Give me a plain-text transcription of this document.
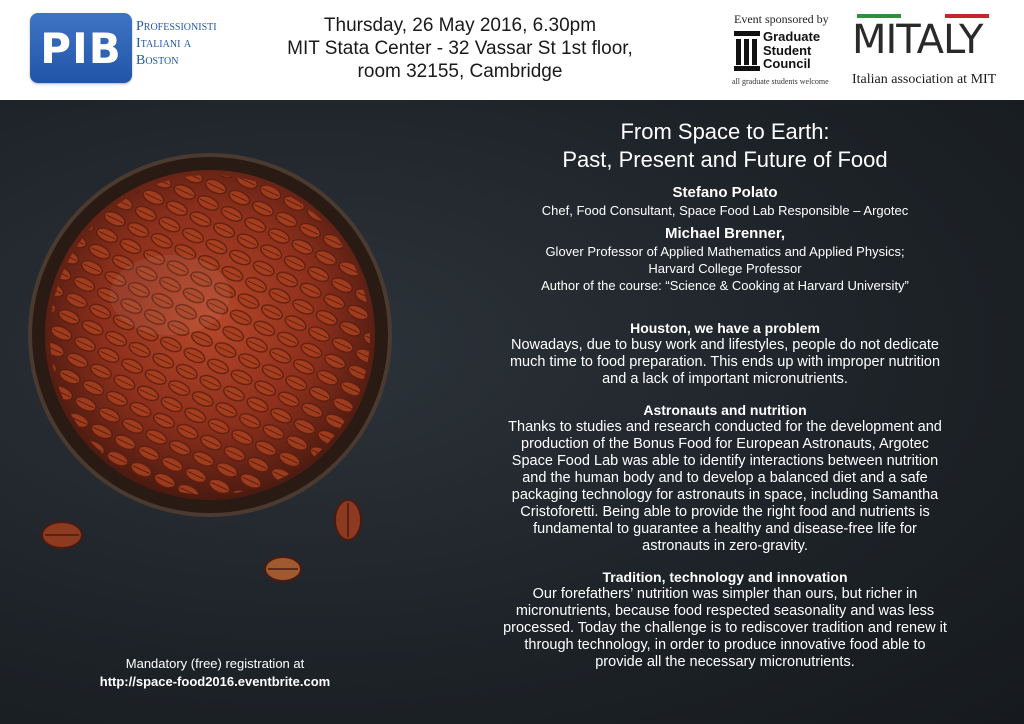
PIB	Professionisti
Italiani a
Boston
Thursday, 26 May 2016, 6.30pm
MIT Stata Center - 32 Vassar St 1st floor,
room 32155, Cambridge
Event sponsored by
Graduate
Student
Council
all graduate students welcome
MITALY
Italian association at MIT
From Space to Earth:
Past, Present and Future of Food
Stefano Polato
Chef, Food Consultant, Space Food Lab Responsible – Argotec
Michael Brenner,
Glover Professor of Applied Mathematics and Applied Physics;
Harvard College Professor
Author of the course: “Science & Cooking at Harvard University”
Houston, we have a problem
Nowadays, due to busy work and lifestyles, people do not dedicate
much time to food preparation. This ends up with improper nutrition
and a lack of important micronutrients.
Astronauts and nutrition
Thanks to studies and research conducted for the development and
production of the Bonus Food for European Astronauts, Argotec
Space Food Lab was able to identify interactions between nutrition
and the human body and to develop a balanced diet and a safe
packaging technology for astronauts in space, including Samantha
Cristoforetti. Being able to provide the right food and nutrients is
fundamental to guarantee a healthy and disease-free life for
astronauts in zero-gravity.
Tradition, technology and innovation
Our forefathers’ nutrition was simpler than ours, but richer in
micronutrients, because food respected seasonality and was less
processed. Today the challenge is to rediscover tradition and renew it
through technology, in order to produce innovative food able to
provide all the necessary micronutrients.
Mandatory (free) registration at
http://space-food2016.eventbrite.com
